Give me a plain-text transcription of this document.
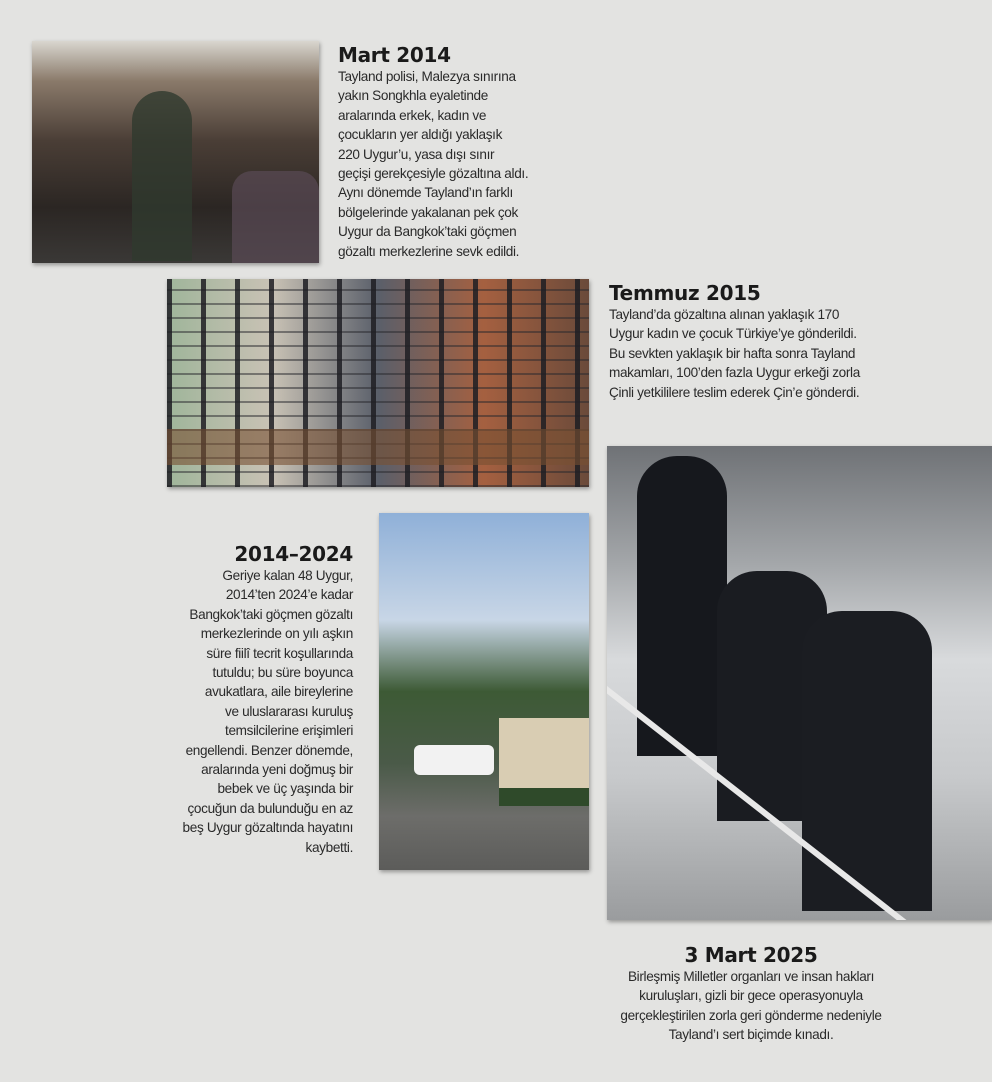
Mart 2014
Tayland polisi, Malezya sınırına
yakın Songkhla eyaletinde
aralarında erkek, kadın ve
çocukların yer aldığı yaklaşık
220 Uygur’u, yasa dışı sınır
geçişi gerekçesiyle gözaltına aldı.
Aynı dönemde Tayland’ın farklı
bölgelerinde yakalanan pek çok
Uygur da Bangkok’taki göçmen
gözaltı merkezlerine sevk edildi.
Temmuz 2015
Tayland’da gözaltına alınan yaklaşık 170
Uygur kadın ve çocuk Türkiye’ye gönderildi.
Bu sevkten yaklaşık bir hafta sonra Tayland
makamları, 100’den fazla Uygur erkeği zorla
Çinli yetkililere teslim ederek Çin’e gönderdi.
2014–2024
Geriye kalan 48 Uygur,
2014’ten 2024’e kadar
Bangkok’taki göçmen gözaltı
merkezlerinde on yılı aşkın
süre fiilî tecrit koşullarında
tutuldu; bu süre boyunca
avukatlara, aile bireylerine
ve uluslararası kuruluş
temsilcilerine erişimleri
engellendi. Benzer dönemde,
aralarında yeni doğmuş bir
bebek ve üç yaşında bir
çocuğun da bulunduğu en az
beş Uygur gözaltında hayatını
kaybetti.
3 Mart 2025
Birleşmiş Milletler organları ve insan hakları
kuruluşları, gizli bir gece operasyonuyla
gerçekleştirilen zorla geri gönderme nedeniyle
Tayland’ı sert biçimde kınadı.
